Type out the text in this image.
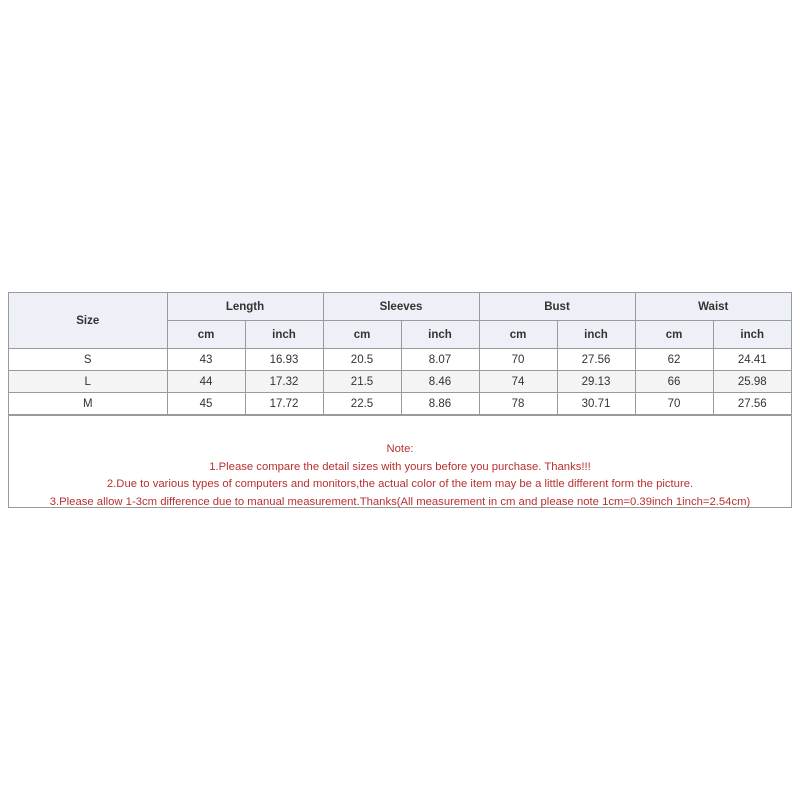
Size	Length		Sleeves		Bust		Waist	
	cm	inch	cm	inch	cm	inch	cm	inch
S	43	16.93	20.5	8.07	70	27.56	62	24.41
L	44	17.32	21.5	8.46	74	29.13	66	25.98
M	45	17.72	22.5	8.86	78	30.71	70	27.56
Note:
1.Please compare the detail sizes with yours before you purchase. Thanks!!!
2.Due to various types of computers and monitors,the actual color of the item may be a little different form the picture.
3.Please allow 1-3cm difference due to manual measurement.Thanks(All measurement in cm and please note 1cm=0.39inch 1inch=2.54cm)
